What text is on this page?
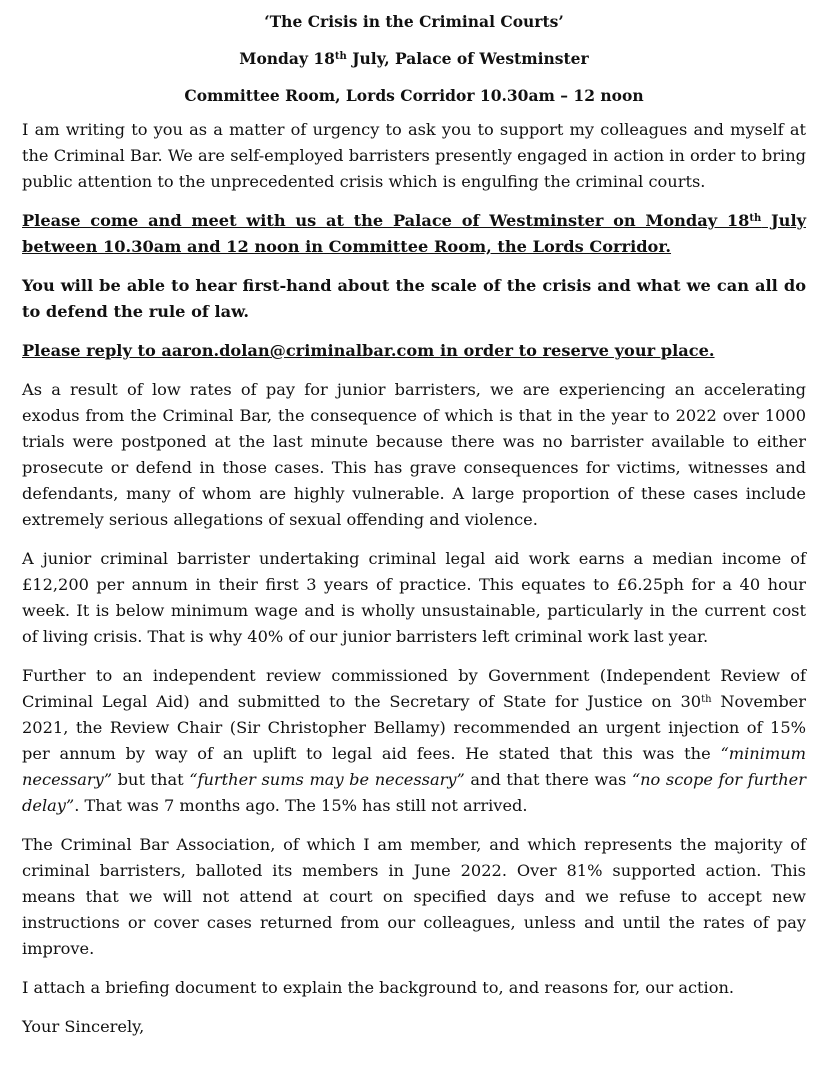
‘The Crisis in the Criminal Courts’
Monday 18th July, Palace of Westminster
Committee Room, Lords Corridor 10.30am – 12 noon

I am writing to you as a matter of urgency to ask you to support my colleagues and myself at the Criminal Bar. We are self-employed barristers presently engaged in action in order to bring public attention to the unprecedented crisis which is engulfing the criminal courts.

Please come and meet with us at the Palace of Westminster on Monday 18th July between 10.30am and 12 noon in Committee Room, the Lords Corridor.

You will be able to hear first-hand about the scale of the crisis and what we can all do to defend the rule of law.

Please reply to aaron.dolan@criminalbar.com in order to reserve your place.

As a result of low rates of pay for junior barristers, we are experiencing an accelerating exodus from the Criminal Bar, the consequence of which is that in the year to 2022 over 1000 trials were postponed at the last minute because there was no barrister available to either prosecute or defend in those cases. This has grave consequences for victims, witnesses and defendants, many of whom are highly vulnerable. A large proportion of these cases include extremely serious allegations of sexual offending and violence.

A junior criminal barrister undertaking criminal legal aid work earns a median income of £12,200 per annum in their first 3 years of practice. This equates to £6.25ph for a 40 hour week. It is below minimum wage and is wholly unsustainable, particularly in the current cost of living crisis. That is why 40% of our junior barristers left criminal work last year.

Further to an independent review commissioned by Government (Independent Review of Criminal Legal Aid) and submitted to the Secretary of State for Justice on 30th November 2021, the Review Chair (Sir Christopher Bellamy) recommended an urgent injection of 15% per annum by way of an uplift to legal aid fees. He stated that this was the “minimum necessary” but that “further sums may be necessary” and that there was “no scope for further delay”. That was 7 months ago. The 15% has still not arrived.

The Criminal Bar Association, of which I am member, and which represents the majority of criminal barristers, balloted its members in June 2022. Over 81% supported action. This means that we will not attend at court on specified days and we refuse to accept new instructions or cover cases returned from our colleagues, unless and until the rates of pay improve.

I attach a briefing document to explain the background to, and reasons for, our action.

Your Sincerely,
